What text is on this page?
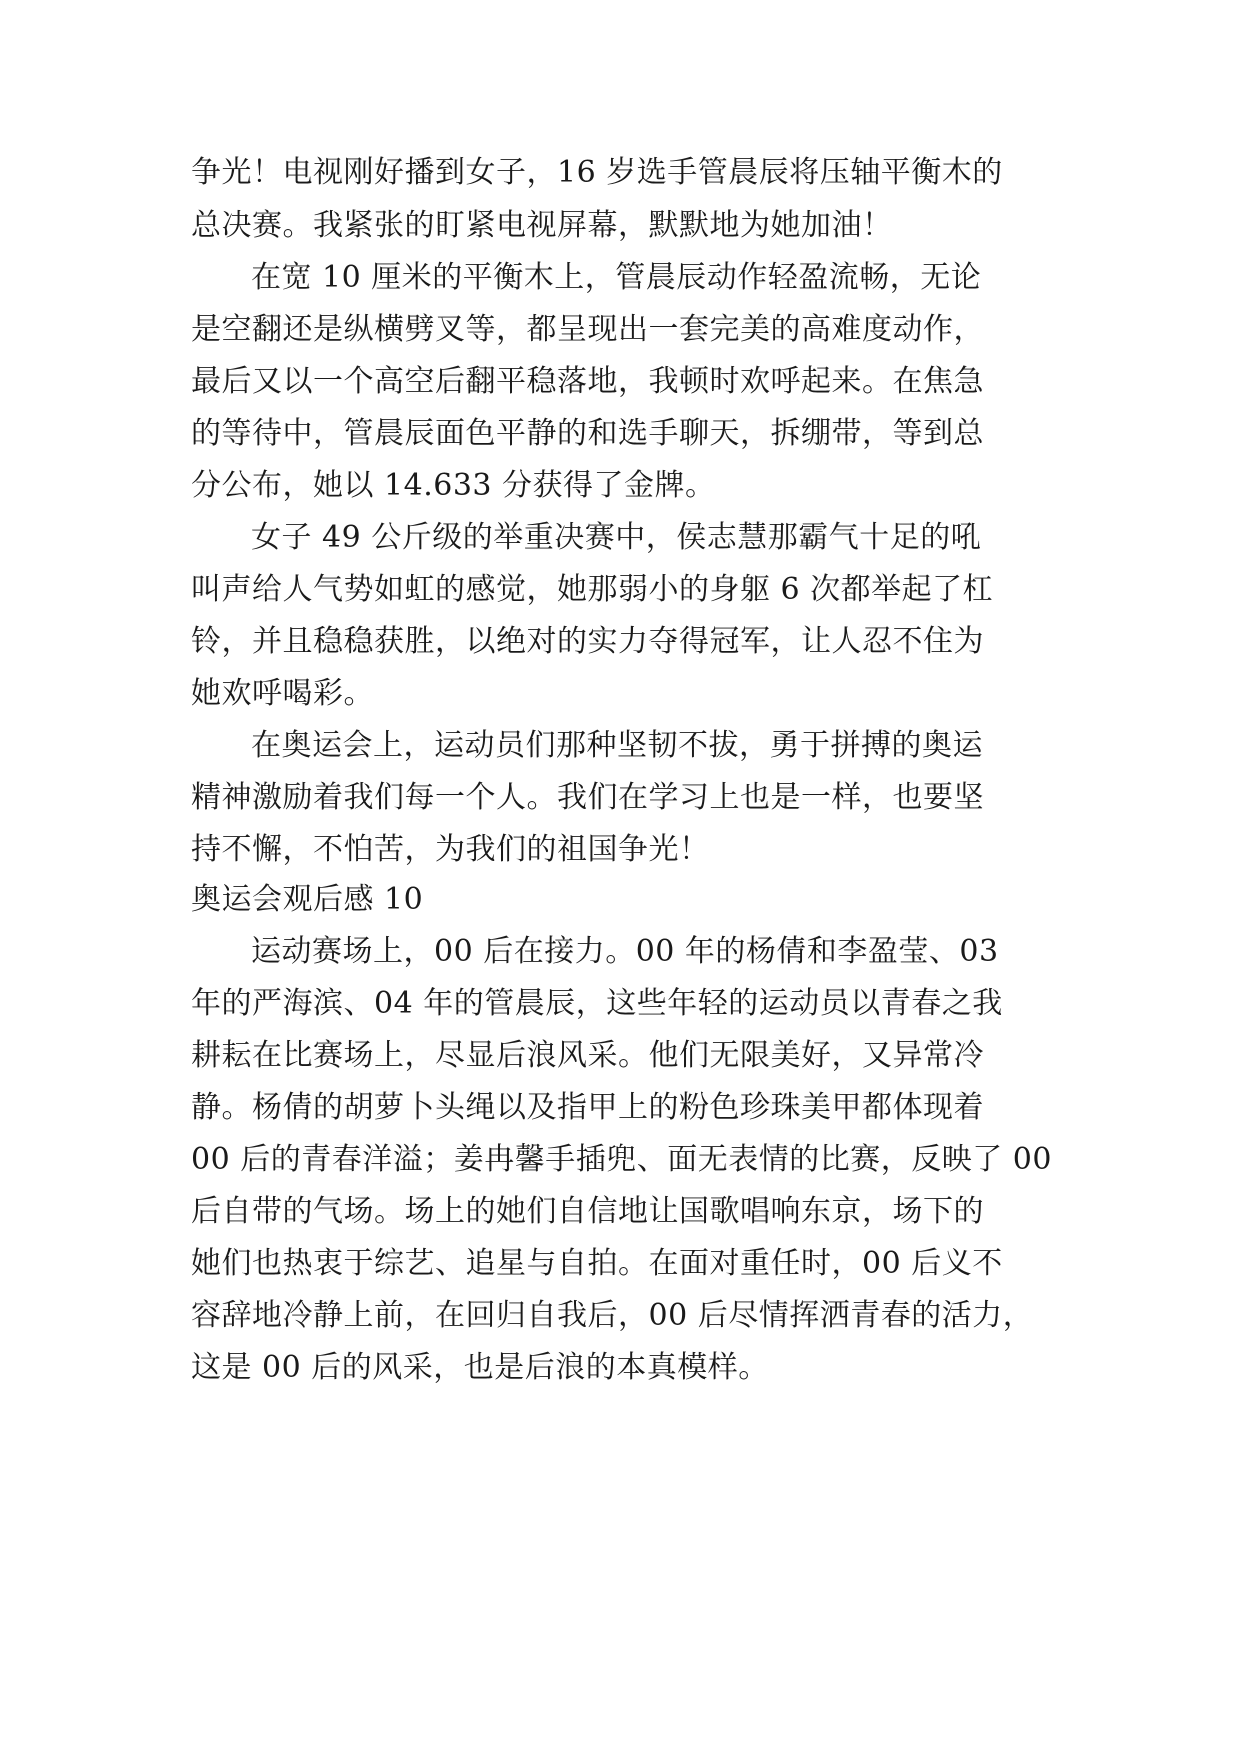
争光！电视刚好播到女子，16 岁选手管晨辰将压轴平衡木的
总决赛。我紧张的盯紧电视屏幕，默默地为她加油！
在宽 10 厘米的平衡木上，管晨辰动作轻盈流畅，无论
是空翻还是纵横劈叉等，都呈现出一套完美的高难度动作，
最后又以一个高空后翻平稳落地，我顿时欢呼起来。在焦急
的等待中，管晨辰面色平静的和选手聊天，拆绷带，等到总
分公布，她以 14.633 分获得了金牌。
女子 49 公斤级的举重决赛中，侯志慧那霸气十足的吼
叫声给人气势如虹的感觉，她那弱小的身躯 6 次都举起了杠
铃，并且稳稳获胜，以绝对的实力夺得冠军，让人忍不住为
她欢呼喝彩。
在奥运会上，运动员们那种坚韧不拔，勇于拼搏的奥运
精神激励着我们每一个人。我们在学习上也是一样，也要坚
持不懈，不怕苦，为我们的祖国争光！
奥运会观后感 10
运动赛场上，00 后在接力。00 年的杨倩和李盈莹、03
年的严海滨、04 年的管晨辰，这些年轻的运动员以青春之我
耕耘在比赛场上，尽显后浪风采。他们无限美好，又异常冷
静。杨倩的胡萝卜头绳以及指甲上的粉色珍珠美甲都体现着
00 后的青春洋溢；姜冉馨手插兜、面无表情的比赛，反映了 00
后自带的气场。场上的她们自信地让国歌唱响东京，场下的
她们也热衷于综艺、追星与自拍。在面对重任时，00 后义不
容辞地冷静上前，在回归自我后，00 后尽情挥洒青春的活力，
这是 00 后的风采，也是后浪的本真模样。
